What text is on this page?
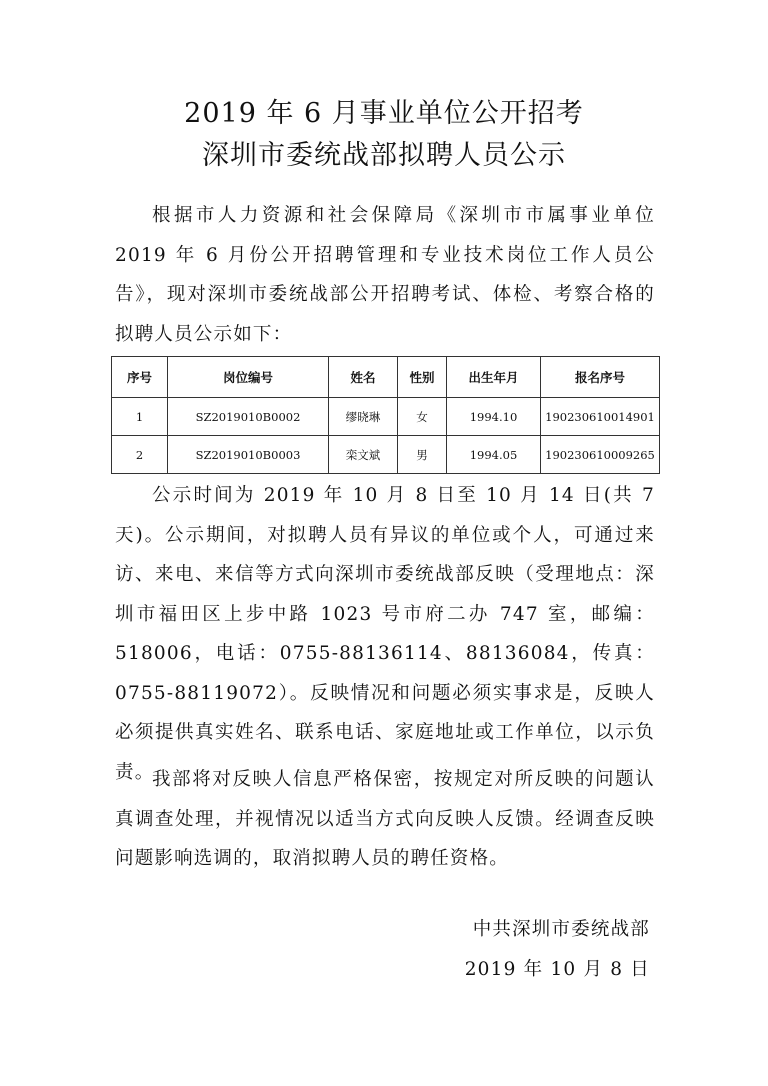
2019 年 6 月事业单位公开招考
深圳市委统战部拟聘人员公示

根据市人力资源和社会保障局《深圳市市属事业单位2019 年 6 月份公开招聘管理和专业技术岗位工作人员公告》，现对深圳市委统战部公开招聘考试、体检、考察合格的拟聘人员公示如下：

序号	岗位编号	姓名	性别	出生年月	报名序号
1	SZ2019010B0002	缪晓琳	女	1994.10	190230610014901
2	SZ2019010B0003	栾文斌	男	1994.05	190230610009265

公示时间为 2019 年 10 月 8 日至 10 月 14 日(共 7 天)。公示期间，对拟聘人员有异议的单位或个人，可通过来访、来电、来信等方式向深圳市委统战部反映（受理地点：深圳市福田区上步中路 1023 号市府二办 747 室，邮编：518006，电话：0755-88136114、88136084，传真：0755-88119072）。反映情况和问题必须实事求是，反映人必须提供真实姓名、联系电话、家庭地址或工作单位，以示负责。

我部将对反映人信息严格保密，按规定对所反映的问题认真调查处理，并视情况以适当方式向反映人反馈。经调查反映问题影响选调的，取消拟聘人员的聘任资格。

中共深圳市委统战部
2019 年 10 月 8 日
